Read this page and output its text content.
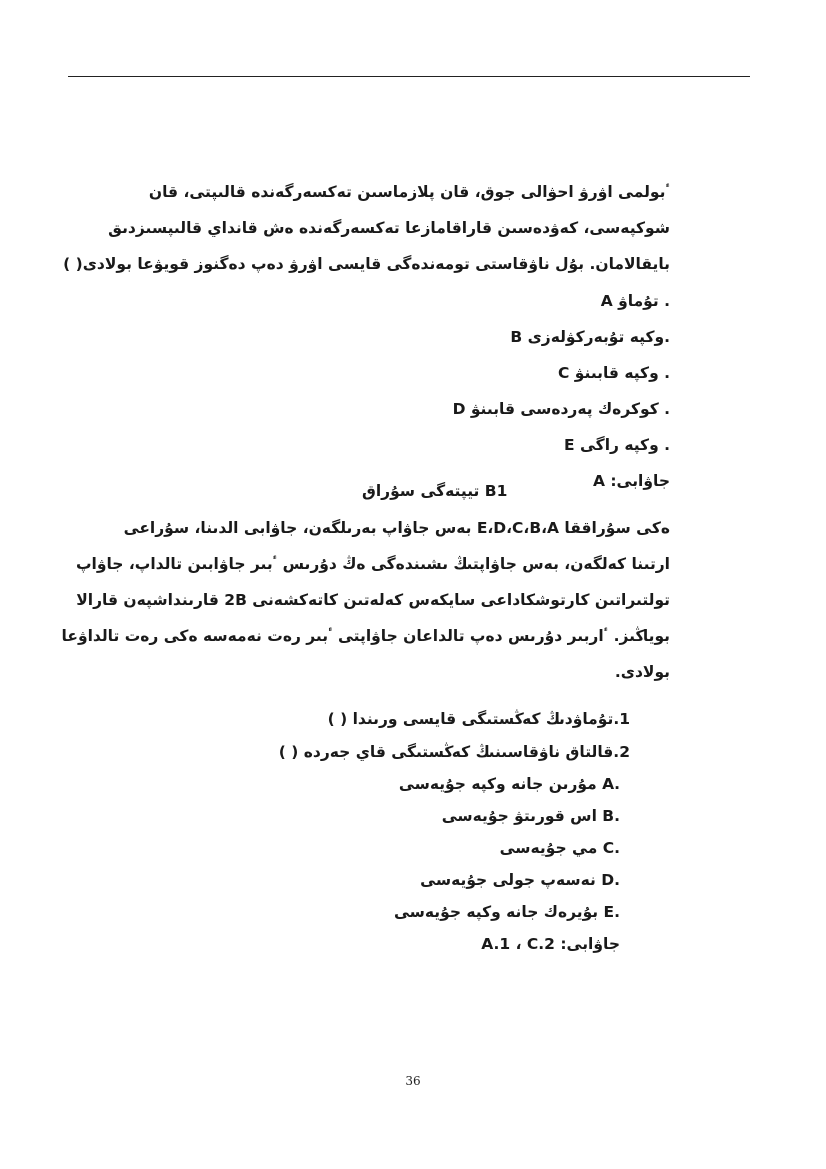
ٴبولمى اۋرۋ احۋالى جوق، قان پلازماسىن تەكسەرگەندە قالىپتى، قان
شوكپەسى، كەۋدەسىن قاراقامازعا تەكسەرگەندە ەش قانداي قالىپسىزدىق
بايقالامان. بۇل ناۋقاستى تومەندەگى قايسى اۋرۋ دەپ دەگنوز قويۋعا بولادى( )
. تۇماۋ A
.وكپە تۇبەركۋلەزى B
. وكپە قابىنۋ C
. كوكرەك پەردەسى قابىنۋ D
. وكپە راگى E
جاۋابى: A
B1 تيپتەگى سۇراق
ەكى سۇراققا E،D،C،B،A بەس جاۋاپ بەرىلگەن، جاۋابى الدىنا، سۇراعى
ارتىنا كەلگەن، بەس جاۋاپتىڭ ىشىندەگى ەڭ دۇرىس ٴبىر جاۋابىن تالداپ، جاۋاپ
تولتىراتىن كارتوشكاداعى سايكەس كەلەتىن كاتەكشەنى 2B قارىنداشپەن قارالا
بوياڭىز. ٴاربىر دۇرىس دەپ تالداعان جاۋاپتى ٴبىر رەت نەمەسە ەكى رەت تالداۋعا
بولادى.
1.تۇماۋدىڭ كەڭستىگى قايسى ورىندا ( )
2.قالتاق ناۋقاسىنىڭ كەڭستىگى قاي جەردە ( )
.A مۇرىن جانە وكپە جۇيەسى
.B اس قورىتۋ جۇيەسى
.C مي جۇيەسى
.D نەسەپ جولى جۇيەسى
.E بۇيرەك جانە وكپە جۇيەسى
جاۋابى: A.1 ، C.2
36
